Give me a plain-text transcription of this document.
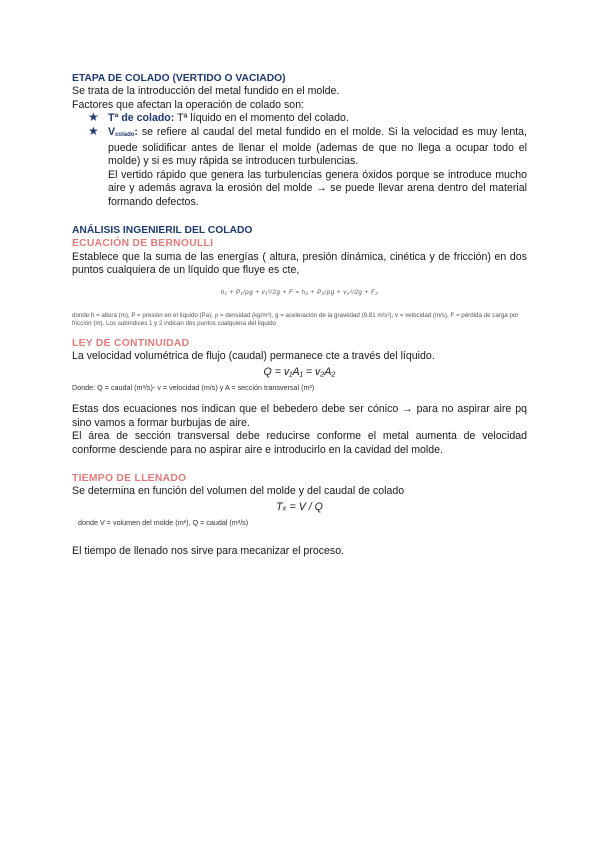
ETAPA DE COLADO (VERTIDO O VACIADO)

Se trata de la introducción del metal fundido en el molde.

Factores que afectan la operación de colado son:

★ Tª de colado: Tª líquido en el momento del colado.
★ Vcolado: se refiere al caudal del metal fundido en el molde. Si la velocidad es muy lenta, puede solidificar antes de llenar el molde (ademas de que no llega a ocupar todo el molde) y si es muy rápida se introducen turbulencias.
El vertido rápido que genera las turbulencias genera óxidos porque se introduce mucho aire y además agrava la erosión del molde → se puede llevar arena dentro del material formando defectos.

ANÁLISIS INGENIERIL DEL COLADO

ECUACIÓN DE BERNOULLI

Establece que la suma de las energías ( altura, presión dinámica, cinética y de fricción) en dos puntos cualquiera de un líquido que fluye es cte,

h₁ + P₁/ρg + v₁²/2g + F = h₂ + P₂/ρg + v₂²/2g + F₂

donde h = altura (m), P = presión en el líquido (Pa), ρ = densidad (kg/m³), g = aceleración de la gravedad (9.81 m/s²), v = velocidad (m/s), F = pérdida de carga por fricción (m). Los subíndices 1 y 2 indican dos puntos cualquiera del líquido

LEY DE CONTINUIDAD

La velocidad volumétrica de flujo (caudal) permanece cte a través del líquido.

Q = v₁A₁ = v₂A₂

Donde: Q = caudal (m³/s)- v = velocidad (m/s) y A = sección transversal (m²)

Estas dos ecuaciones nos indican que el bebedero debe ser cónico → para no aspirar aire pq sino vamos a formar burbujas de aire.

El área de sección transversal debe reducirse conforme el metal aumenta de velocidad conforme desciende para no aspirar aire e introducirlo en la cavidad del molde.

TIEMPO DE LLENADO

Se determina en función del volumen del molde y del caudal de colado

Tₓ = V / Q

donde V = volumen del molde (m³), Q = caudal (m³/s)

El tiempo de llenado nos sirve para mecanizar el proceso.
